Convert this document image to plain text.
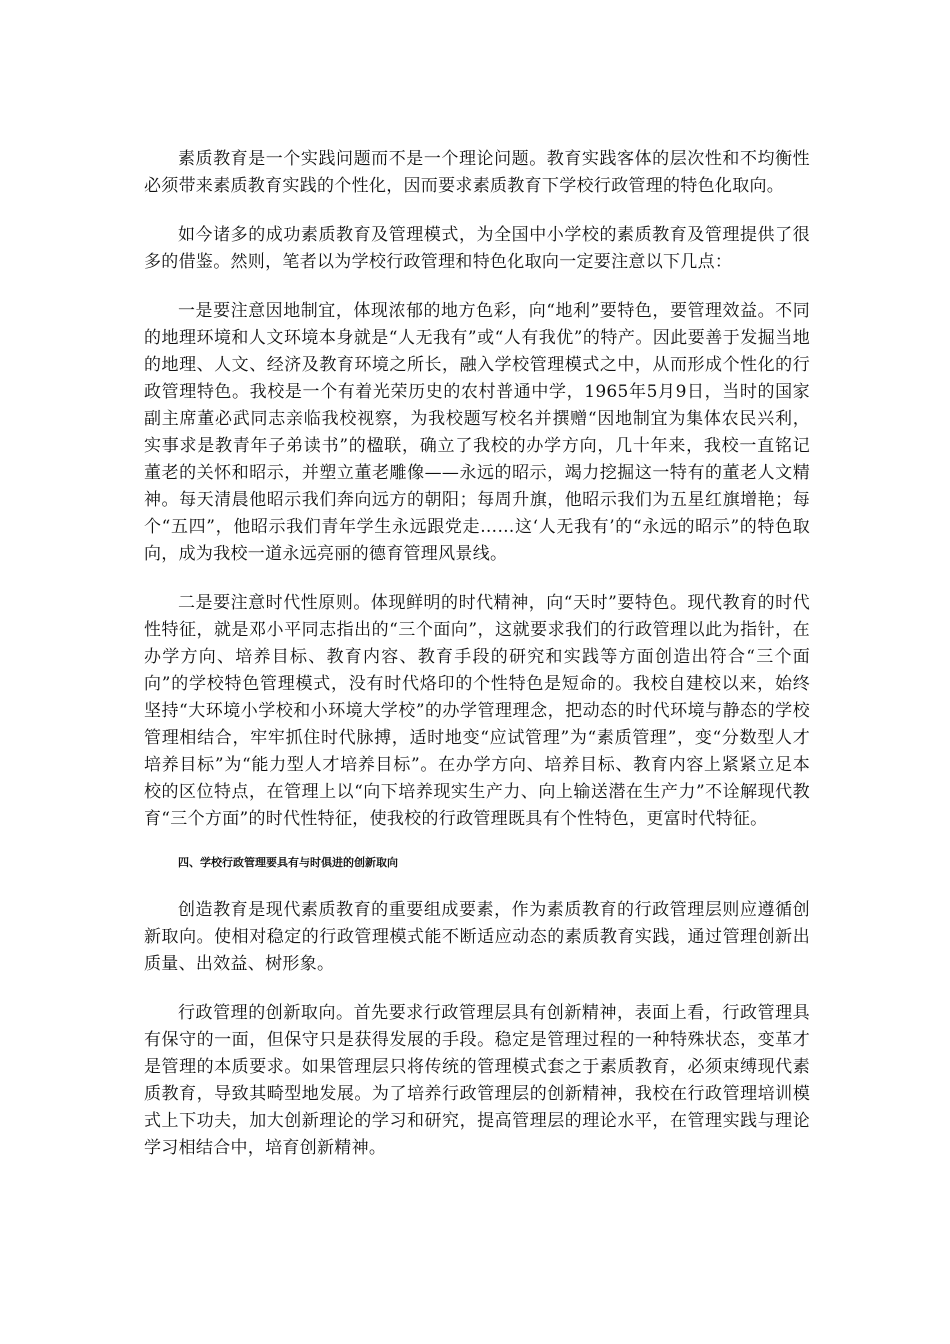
素质教育是一个实践问题而不是一个理论问题。教育实践客体的层次性和不均衡性必须带来素质教育实践的个性化，因而要求素质教育下学校行政管理的特色化取向。

如今诸多的成功素质教育及管理模式，为全国中小学校的素质教育及管理提供了很多的借鉴。然则，笔者以为学校行政管理和特色化取向一定要注意以下几点：

一是要注意因地制宜，体现浓郁的地方色彩，向“地利”要特色，要管理效益。不同的地理环境和人文环境本身就是“人无我有”或“人有我优”的特产。因此要善于发掘当地的地理、人文、经济及教育环境之所长，融入学校管理模式之中，从而形成个性化的行政管理特色。我校是一个有着光荣历史的农村普通中学，1965年5月9日，当时的国家副主席董必武同志亲临我校视察，为我校题写校名并撰赠“因地制宜为集体农民兴利，实事求是教青年子弟读书”的楹联，确立了我校的办学方向，几十年来，我校一直铭记董老的关怀和昭示，并塑立董老雕像——永远的昭示，竭力挖掘这一特有的董老人文精神。每天清晨他昭示我们奔向远方的朝阳；每周升旗，他昭示我们为五星红旗增艳；每个“五四”，他昭示我们青年学生永远跟党走……这‘人无我有’的“永远的昭示”的特色取向，成为我校一道永远亮丽的德育管理风景线。

二是要注意时代性原则。体现鲜明的时代精神，向“天时”要特色。现代教育的时代性特征，就是邓小平同志指出的“三个面向”，这就要求我们的行政管理以此为指针，在办学方向、培养目标、教育内容、教育手段的研究和实践等方面创造出符合“三个面向”的学校特色管理模式，没有时代烙印的个性特色是短命的。我校自建校以来，始终坚持“大环境小学校和小环境大学校”的办学管理理念，把动态的时代环境与静态的学校管理相结合，牢牢抓住时代脉搏，适时地变“应试管理”为“素质管理”，变“分数型人才培养目标”为“能力型人才培养目标”。在办学方向、培养目标、教育内容上紧紧立足本校的区位特点，在管理上以“向下培养现实生产力、向上输送潜在生产力”不诠解现代教育“三个方面”的时代性特征，使我校的行政管理既具有个性特色，更富时代特征。

四、学校行政管理要具有与时俱进的创新取向

创造教育是现代素质教育的重要组成要素，作为素质教育的行政管理层则应遵循创新取向。使相对稳定的行政管理模式能不断适应动态的素质教育实践，通过管理创新出质量、出效益、树形象。

行政管理的创新取向。首先要求行政管理层具有创新精神，表面上看，行政管理具有保守的一面，但保守只是获得发展的手段。稳定是管理过程的一种特殊状态，变革才是管理的本质要求。如果管理层只将传统的管理模式套之于素质教育，必须束缚现代素质教育，导致其畸型地发展。为了培养行政管理层的创新精神，我校在行政管理培训模式上下功夫，加大创新理论的学习和研究，提高管理层的理论水平，在管理实践与理论学习相结合中，培育创新精神。
